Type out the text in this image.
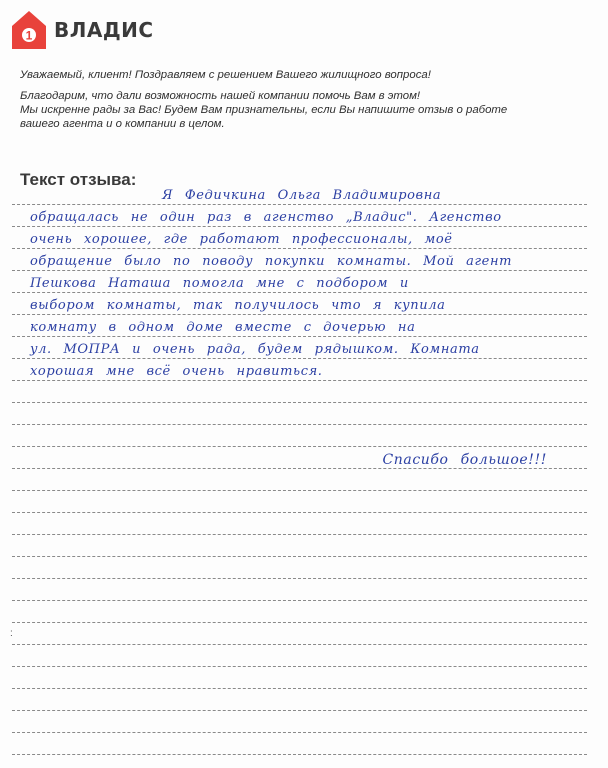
1 ВЛАДИС

Уважаемый, клиент! Поздравляем с решением Вашего жилищного вопроса!

Благодарим, что дали возможность нашей компании помочь Вам в этом!

Мы искренне рады за Вас! Будем Вам признательны, если Вы напишите отзыв о работе

вашего агента и о компании в целом.

Текст отзыва:
Я Федичкина Ольга Владимировна
обращалась не один раз в агенство „Владис". Агенство
очень хорошее, где работают профессионалы, моё
обращение было по поводу покупки комнаты. Мой агент
Пешкова Наташа помогла мне с подбором и
выбором комнаты, так получилось что я купила
комнату в одном доме вместе с дочерью на
ул. МОПРА и очень рада, будем рядышком. Комната
хорошая мне всё очень нравиться.
Спасибо большое!!!
:
